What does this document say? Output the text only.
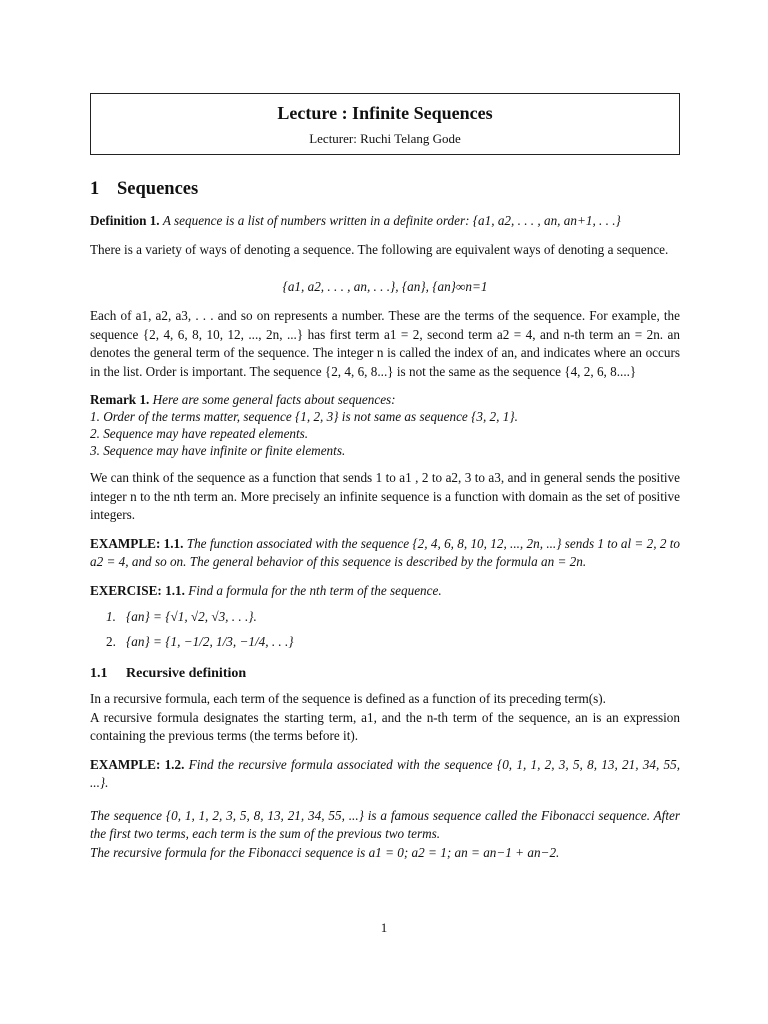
Lecture : Infinite Sequences
Lecturer: Ruchi Telang Gode
1 Sequences

Definition 1. A sequence is a list of numbers written in a definite order: {a1, a2, . . . , an, an+1, . . .}

There is a variety of ways of denoting a sequence. The following are equivalent ways of denoting a sequence.

{a1, a2, . . . , an, . . .}, {an}, {an}∞n=1

Each of a1, a2, a3, . . . and so on represents a number. These are the terms of the sequence. For example, the sequence {2, 4, 6, 8, 10, 12, ..., 2n, ...} has first term a1 = 2, second term a2 = 4, and n-th term an = 2n. an denotes the general term of the sequence. The integer n is called the index of an, and indicates where an occurs in the list. Order is important. The sequence {2, 4, 6, 8...} is not the same as the sequence {4, 2, 6, 8....}

Remark 1. Here are some general facts about sequences:
1. Order of the terms matter, sequence {1, 2, 3} is not same as sequence {3, 2, 1}.
2. Sequence may have repeated elements.
3. Sequence may have infinite or finite elements.

We can think of the sequence as a function that sends 1 to a1 , 2 to a2, 3 to a3, and in general sends the positive integer n to the nth term an. More precisely an infinite sequence is a function with domain as the set of positive integers.

EXAMPLE: 1.1. The function associated with the sequence {2, 4, 6, 8, 10, 12, ..., 2n, ...} sends 1 to al = 2, 2 to a2 = 4, and so on. The general behavior of this sequence is described by the formula an = 2n.

EXERCISE: 1.1. Find a formula for the nth term of the sequence.

1. {an} = {√1, √2, √3, . . .}.
2. {an} = {1, −1/2, 1/3, −1/4, . . .}
1.1 Recursive definition

In a recursive formula, each term of the sequence is defined as a function of its preceding term(s).
A recursive formula designates the starting term, a1, and the n-th term of the sequence, an is an expression containing the previous terms (the terms before it).

EXAMPLE: 1.2. Find the recursive formula associated with the sequence {0, 1, 1, 2, 3, 5, 8, 13, 21, 34, 55, ...}.

The sequence {0, 1, 1, 2, 3, 5, 8, 13, 21, 34, 55, ...} is a famous sequence called the Fibonacci sequence. After the first two terms, each term is the sum of the previous two terms.
The recursive formula for the Fibonacci sequence is a1 = 0; a2 = 1; an = an−1 + an−2.

1
